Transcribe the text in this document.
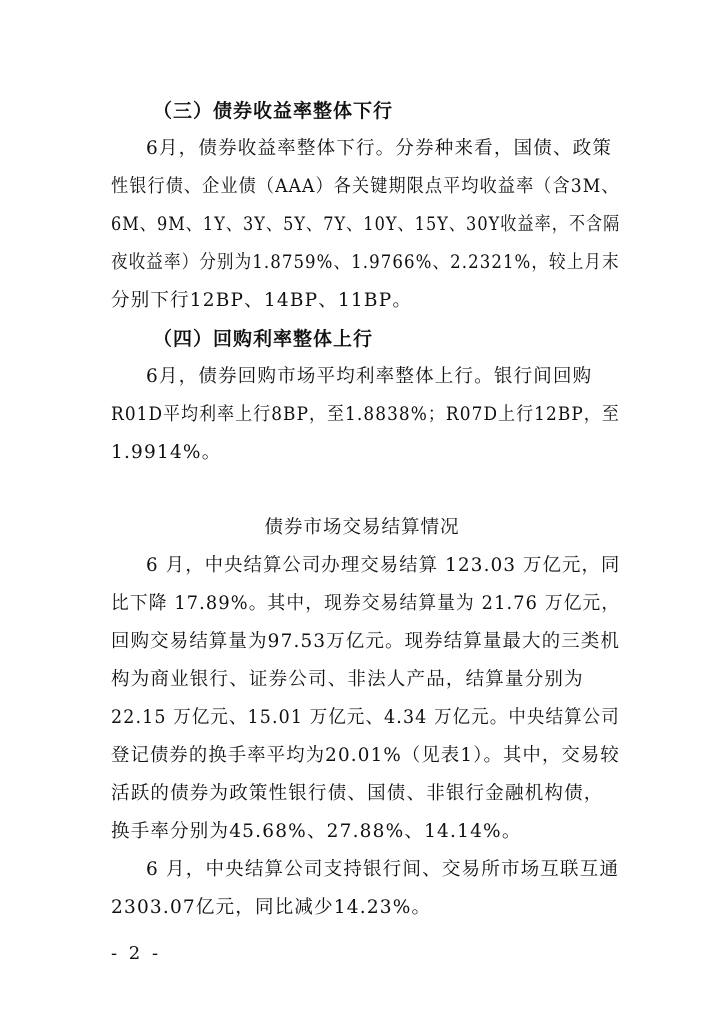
（三）债券收益率整体下行
6月，债券收益率整体下行。分券种来看，国债、政策
性银行债、企业债（AAA）各关键期限点平均收益率（含3M、
6M、9M、1Y、3Y、5Y、7Y、10Y、15Y、30Y收益率，不含隔
夜收益率）分别为1.8759%、1.9766%、2.2321%，较上月末
分别下行12BP、14BP、11BP。
（四）回购利率整体上行
6月，债券回购市场平均利率整体上行。银行间回购
R01D平均利率上行8BP，至1.8838%；R07D上行12BP，至
1.9914%。
债券市场交易结算情况
6 月，中央结算公司办理交易结算 123.03 万亿元，同
比下降 17.89%。其中，现券交易结算量为 21.76 万亿元，
回购交易结算量为97.53万亿元。现券结算量最大的三类机
构为商业银行、证券公司、非法人产品，结算量分别为
22.15 万亿元、15.01 万亿元、4.34 万亿元。中央结算公司
登记债券的换手率平均为20.01%（见表1）。其中，交易较
活跃的债券为政策性银行债、国债、非银行金融机构债，
换手率分别为45.68%、27.88%、14.14%。
6 月，中央结算公司支持银行间、交易所市场互联互通
2303.07亿元，同比减少14.23%。
- 2 -
